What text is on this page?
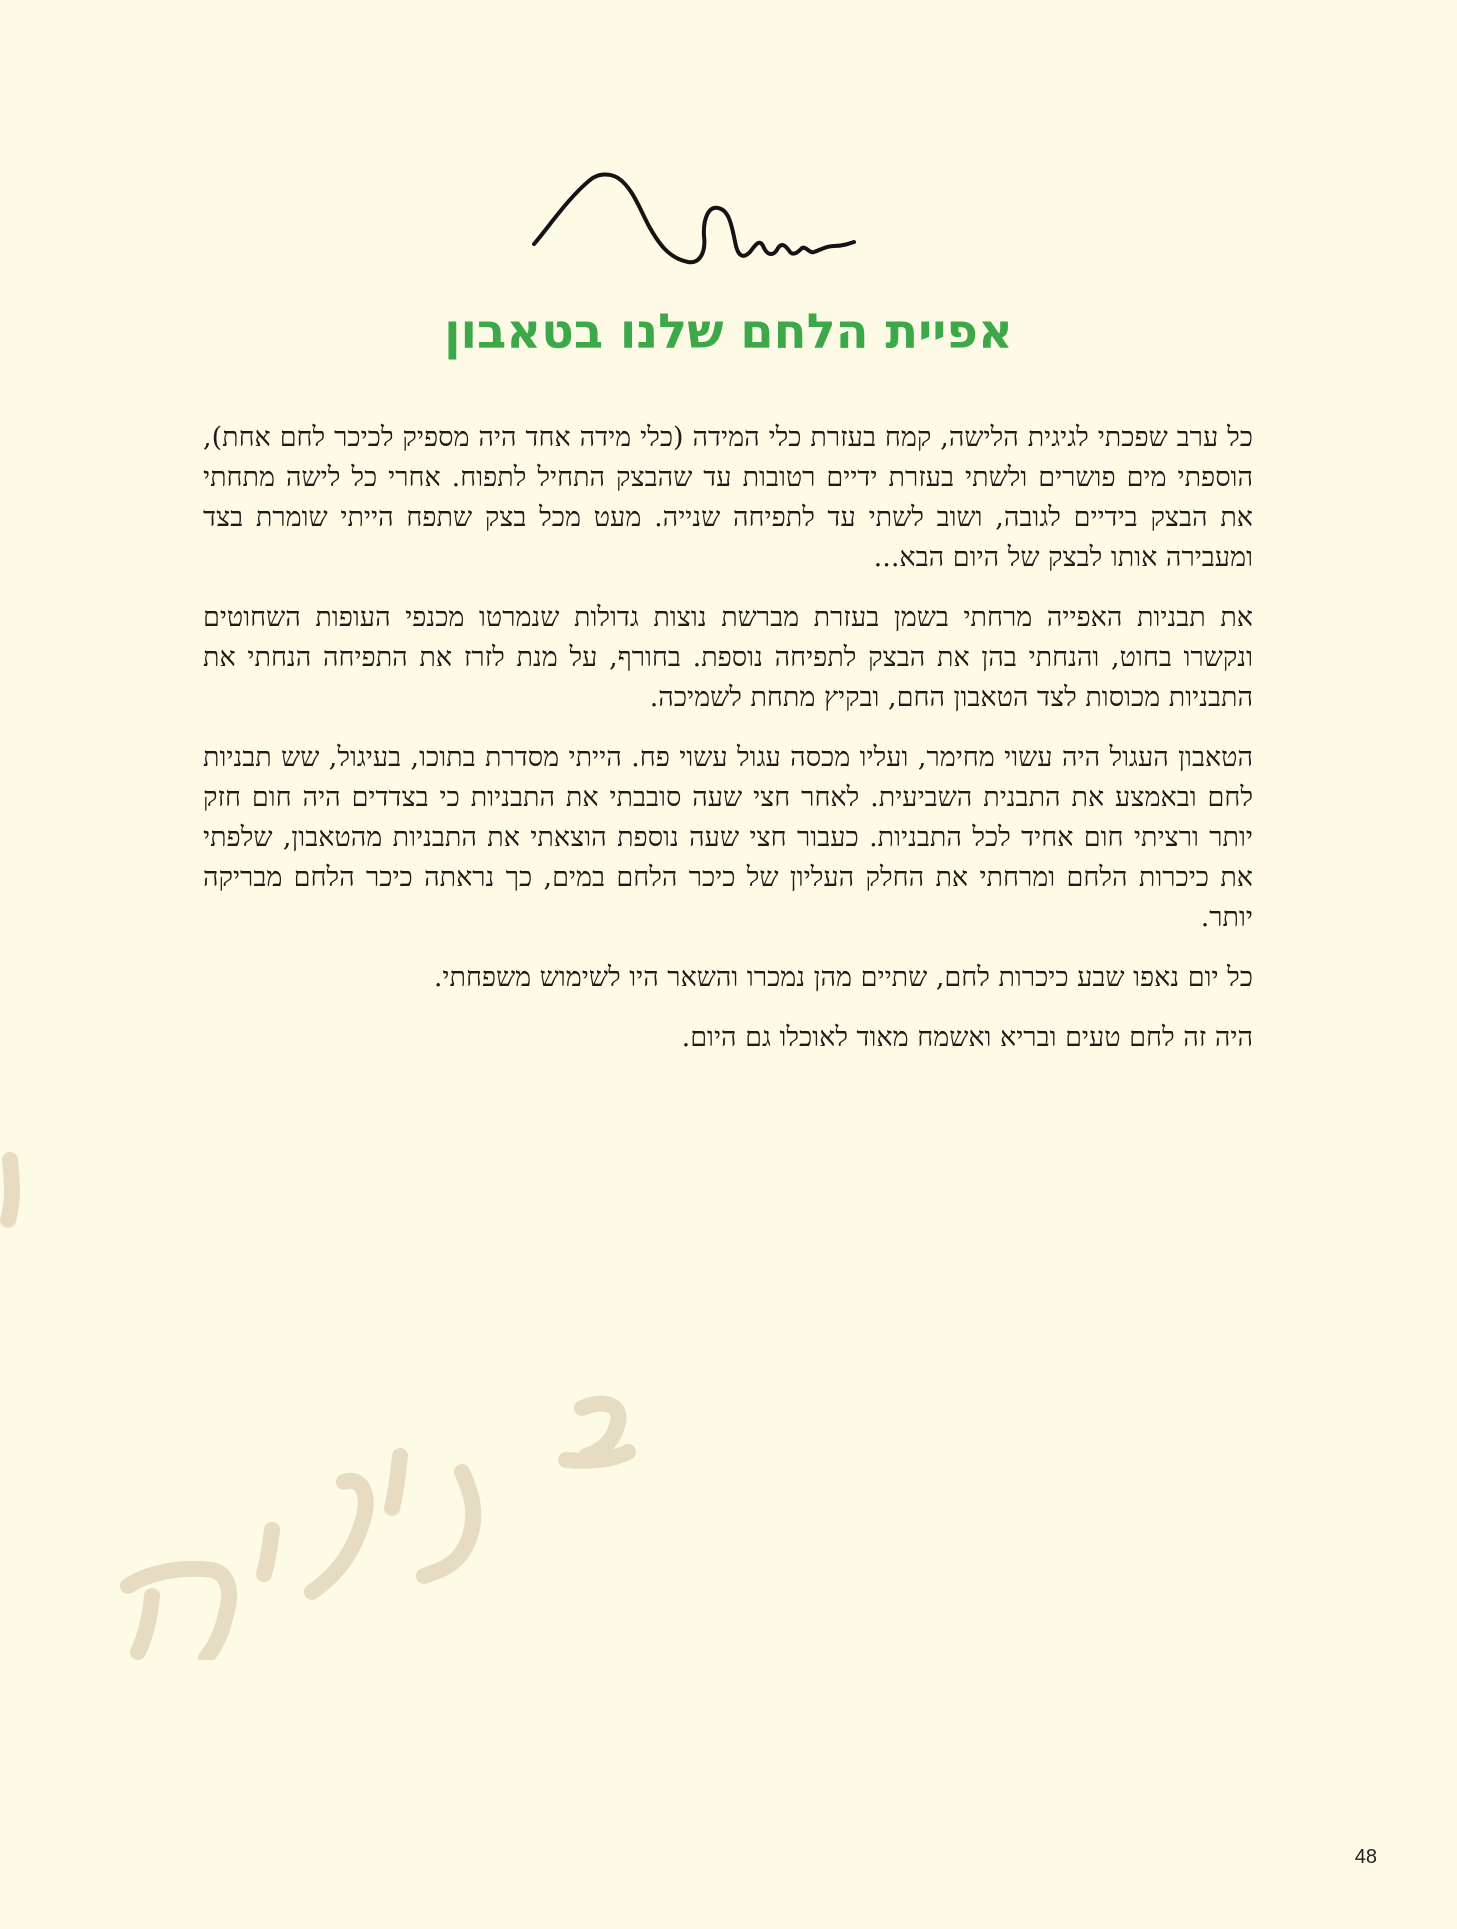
אפיית הלחם שלנו בטאבון

כל ערב שפכתי לגיגית הלישה, קמח בעזרת כלי המידה (כלי מידה אחד היה מספיק לכיכר לחם אחת), הוספתי מים פושרים ולשתי בעזרת ידיים רטובות עד שהבצק התחיל לתפוח. אחרי כל לישה מתחתי את הבצק בידיים לגובה, ושוב לשתי עד לתפיחה שנייה. מעט מכל בצק שתפח הייתי שומרת בצד ומעבירה אותו לבצק של היום הבא...

את תבניות האפייה מרחתי בשמן בעזרת מברשת נוצות גדולות שנמרטו מכנפי העופות השחוטים ונקשרו בחוט, והנחתי בהן את הבצק לתפיחה נוספת. בחורף, על מנת לזרז את התפיחה הנחתי את התבניות מכוסות לצד הטאבון החם, ובקיץ מתחת לשמיכה.

הטאבון העגול היה עשוי מחימר, ועליו מכסה עגול עשוי פח. הייתי מסדרת בתוכו, בעיגול, שש תבניות לחם ובאמצע את התבנית השביעית. לאחר חצי שעה סובבתי את התבניות כי בצדדים היה חום חזק יותר ורציתי חום אחיד לכל התבניות. כעבור חצי שעה נוספת הוצאתי את התבניות מהטאבון, שלפתי את כיכרות הלחם ומרחתי את החלק העליון של כיכר הלחם במים, כך נראתה כיכר הלחם מבריקה יותר.

כל יום נאפו שבע כיכרות לחם, שתיים מהן נמכרו והשאר היו לשימוש משפחתי.

היה זה לחם טעים ובריא ואשמח מאוד לאוכלו גם היום.

48
